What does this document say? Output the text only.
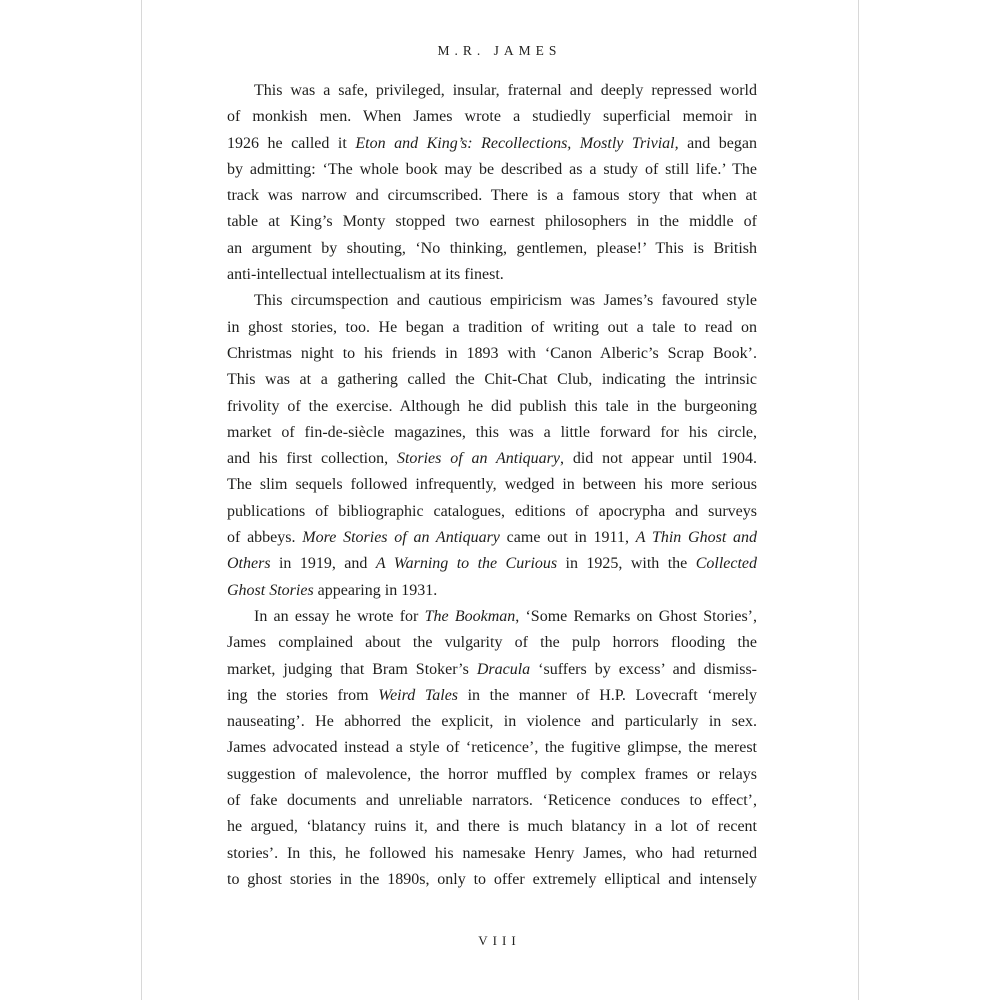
M.R. JAMES
This was a safe, privileged, insular, fraternal and deeply repressed world
of monkish men. When James wrote a studiedly superficial memoir in
1926 he called it Eton and King’s: Recollections, Mostly Trivial, and began
by admitting: ‘The whole book may be described as a study of still life.’ The
track was narrow and circumscribed. There is a famous story that when at
table at King’s Monty stopped two earnest philosophers in the middle of
an argument by shouting, ‘No thinking, gentlemen, please!’ This is British
anti-intellectual intellectualism at its finest.
This circumspection and cautious empiricism was James’s favoured style
in ghost stories, too. He began a tradition of writing out a tale to read on
Christmas night to his friends in 1893 with ‘Canon Alberic’s Scrap Book’.
This was at a gathering called the Chit-Chat Club, indicating the intrinsic
frivolity of the exercise. Although he did publish this tale in the burgeoning
market of fin-de-siècle magazines, this was a little forward for his circle,
and his first collection, Stories of an Antiquary, did not appear until 1904.
The slim sequels followed infrequently, wedged in between his more serious
publications of bibliographic catalogues, editions of apocrypha and surveys
of abbeys. More Stories of an Antiquary came out in 1911, A Thin Ghost and
Others in 1919, and A Warning to the Curious in 1925, with the Collected
Ghost Stories appearing in 1931.
In an essay he wrote for The Bookman, ‘Some Remarks on Ghost Stories’,
James complained about the vulgarity of the pulp horrors flooding the
market, judging that Bram Stoker’s Dracula ‘suffers by excess’ and dismiss-
ing the stories from Weird Tales in the manner of H.P. Lovecraft ‘merely
nauseating’. He abhorred the explicit, in violence and particularly in sex.
James advocated instead a style of ‘reticence’, the fugitive glimpse, the merest
suggestion of malevolence, the horror muffled by complex frames or relays
of fake documents and unreliable narrators. ‘Reticence conduces to effect’,
he argued, ‘blatancy ruins it, and there is much blatancy in a lot of recent
stories’. In this, he followed his namesake Henry James, who had returned
to ghost stories in the 1890s, only to offer extremely elliptical and intensely
VIII
